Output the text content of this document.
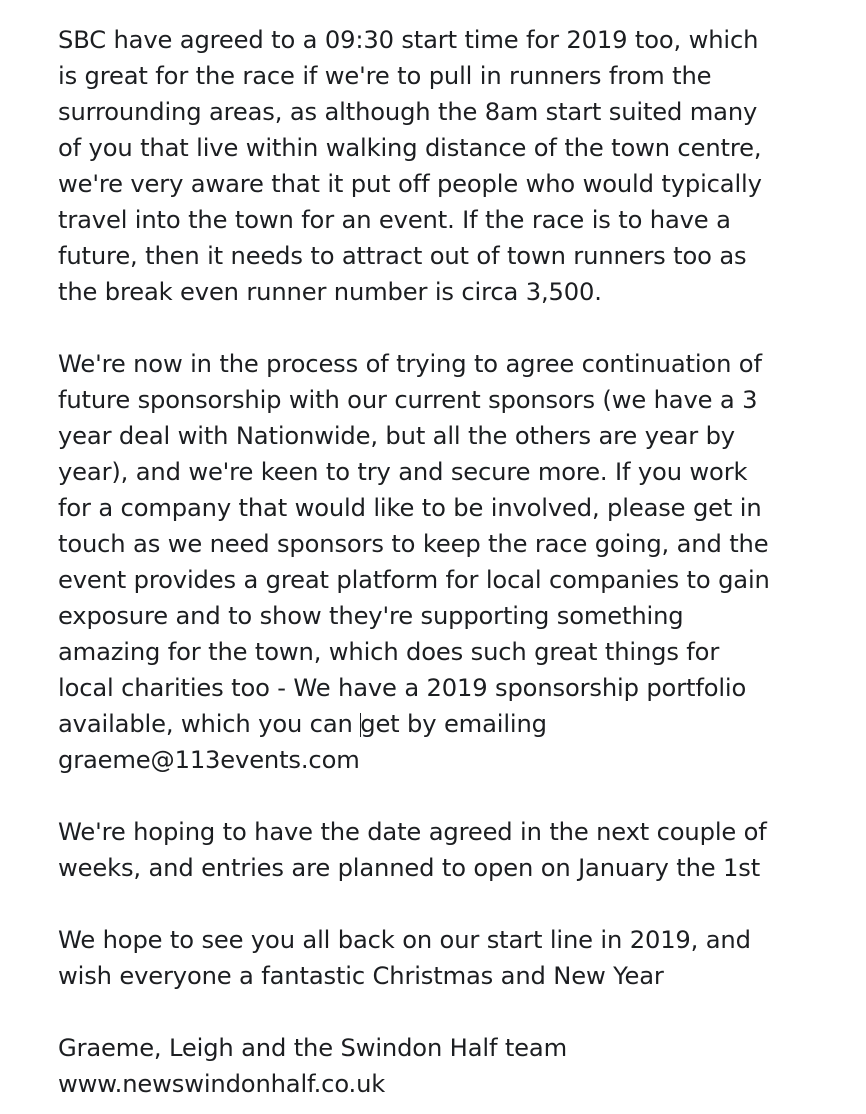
SBC have agreed to a 09:30 start time for 2019 too, which
is great for the race if we're to pull in runners from the
surrounding areas, as although the 8am start suited many
of you that live within walking distance of the town centre,
we're very aware that it put off people who would typically
travel into the town for an event. If the race is to have a
future, then it needs to attract out of town runners too as
the break even runner number is circa 3,500.

We're now in the process of trying to agree continuation of
future sponsorship with our current sponsors (we have a 3
year deal with Nationwide, but all the others are year by
year), and we're keen to try and secure more. If you work
for a company that would like to be involved, please get in
touch as we need sponsors to keep the race going, and the
event provides a great platform for local companies to gain
exposure and to show they're supporting something
amazing for the town, which does such great things for
local charities too - We have a 2019 sponsorship portfolio
available, which you can get by emailing
graeme@113events.com

We're hoping to have the date agreed in the next couple of
weeks, and entries are planned to open on January the 1st

We hope to see you all back on our start line in 2019, and
wish everyone a fantastic Christmas and New Year

Graeme, Leigh and the Swindon Half team
www.newswindonhalf.co.uk
